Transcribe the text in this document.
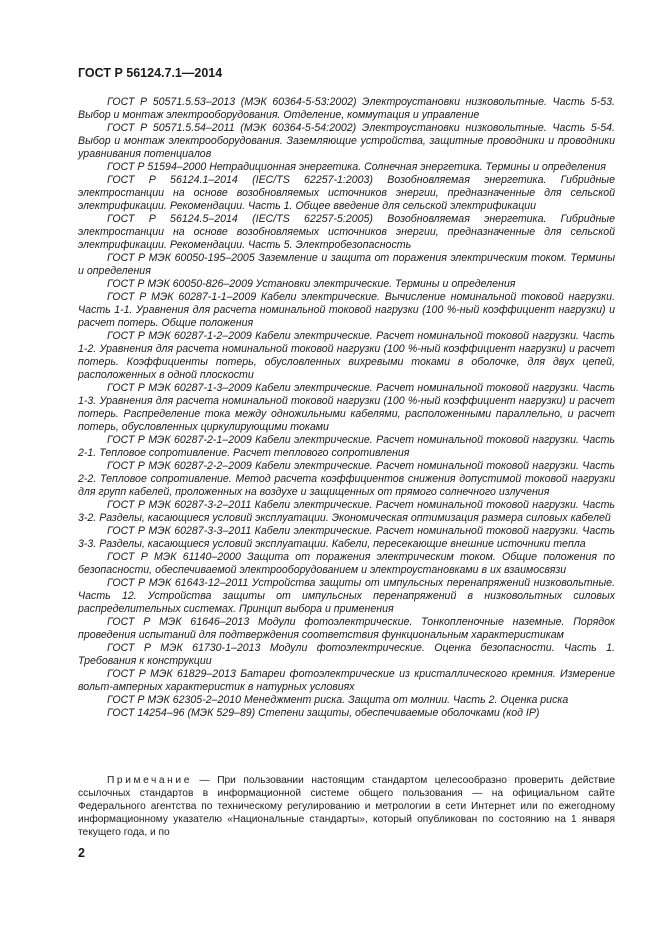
ГОСТ Р 56124.7.1—2014

ГОСТ Р 50571.5.53–2013 (МЭК 60364-5-53:2002) Электроустановки низковольтные. Часть 5-53. Выбор и монтаж электрооборудования. Отделение, коммутация и управление

ГОСТ Р 50571.5.54–2011 (МЭК 60364-5-54:2002) Электроустановки низковольтные. Часть 5-54. Выбор и монтаж электрооборудования. Заземляющие устройства, защитные проводники и проводники уравнивания потенциалов

ГОСТ Р 51594–2000 Нетрадиционная энергетика. Солнечная энергетика. Термины и определения

ГОСТ Р 56124.1–2014 (IEC/TS 62257-1:2003) Возобновляемая энергетика. Гибридные электростанции на основе возобновляемых источников энергии, предназначенные для сельской электрификации. Рекомендации. Часть 1. Общее введение для сельской электрификации

ГОСТ Р 56124.5–2014 (IEC/TS 62257-5:2005) Возобновляемая энергетика. Гибридные электростанции на основе возобновляемых источников энергии, предназначенные для сельской электрификации. Рекомендации. Часть 5. Электробезопасность

ГОСТ Р МЭК 60050-195–2005 Заземление и защита от поражения электрическим током. Термины и определения

ГОСТ Р МЭК 60050-826–2009 Установки электрические. Термины и определения

ГОСТ Р МЭК 60287-1-1–2009 Кабели электрические. Вычисление номинальной токовой нагрузки. Часть 1-1. Уравнения для расчета номинальной токовой нагрузки (100 %-ный коэффициент нагрузки) и расчет потерь. Общие положения

ГОСТ Р МЭК 60287-1-2–2009 Кабели электрические. Расчет номинальной токовой нагрузки. Часть 1-2. Уравнения для расчета номинальной токовой нагрузки (100 %-ный коэффициент нагрузки) и расчет потерь. Коэффициенты потерь, обусловленных вихревыми токами в оболочке, для двух цепей, расположенных в одной плоскости

ГОСТ Р МЭК 60287-1-3–2009 Кабели электрические. Расчет номинальной токовой нагрузки. Часть 1-3. Уравнения для расчета номинальной токовой нагрузки (100 %-ный коэффициент нагрузки) и расчет потерь. Распределение тока между одножильными кабелями, расположенными параллельно, и расчет потерь, обусловленных циркулирующими токами

ГОСТ Р МЭК 60287-2-1–2009 Кабели электрические. Расчет номинальной токовой нагрузки. Часть 2-1. Тепловое сопротивление. Расчет теплового сопротивления

ГОСТ Р МЭК 60287-2-2–2009 Кабели электрические. Расчет номинальной токовой нагрузки. Часть 2-2. Тепловое сопротивление. Метод расчета коэффициентов снижения допустимой токовой нагрузки для групп кабелей, проложенных на воздухе и защищенных от прямого солнечного излучения

ГОСТ Р МЭК 60287-3-2–2011 Кабели электрические. Расчет номинальной токовой нагрузки. Часть 3-2. Разделы, касающиеся условий эксплуатации. Экономическая оптимизация размера силовых кабелей

ГОСТ Р МЭК 60287-3-3–2011 Кабели электрические. Расчет номинальной токовой нагрузки. Часть 3-3. Разделы, касающиеся условий эксплуатации. Кабели, пересекающие внешние источники тепла

ГОСТ Р МЭК 61140–2000 Защита от поражения электрическим током. Общие положения по безопасности, обеспечиваемой электрооборудованием и электроустановками в их взаимосвязи

ГОСТ Р МЭК 61643-12–2011 Устройства защиты от импульсных перенапряжений низковольтные. Часть 12. Устройства защиты от импульсных перенапряжений в низковольтных силовых распределительных системах. Принцип выбора и применения

ГОСТ Р МЭК 61646–2013 Модули фотоэлектрические. Тонкопленочные наземные. Порядок проведения испытаний для подтверждения соответствия функциональным характеристикам

ГОСТ Р МЭК 61730-1–2013 Модули фотоэлектрические. Оценка безопасности. Часть 1. Требования к конструкции

ГОСТ Р МЭК 61829–2013 Батареи фотоэлектрические из кристаллического кремния. Измерение вольт-амперных характеристик в натурных условиях

ГОСТ Р МЭК 62305-2–2010 Менеджмент риска. Защита от молнии. Часть 2. Оценка риска

ГОСТ 14254–96 (МЭК 529–89) Степени защиты, обеспечиваемые оболочками (код IP)

Примечание — При пользовании настоящим стандартом целесообразно проверить действие ссылочных стандартов в информационной системе общего пользования — на официальном сайте Федерального агентства по техническому регулированию и метрологии в сети Интернет или по ежегодному информационному указателю «Национальные стандарты», который опубликован по состоянию на 1 января текущего года, и по

2
